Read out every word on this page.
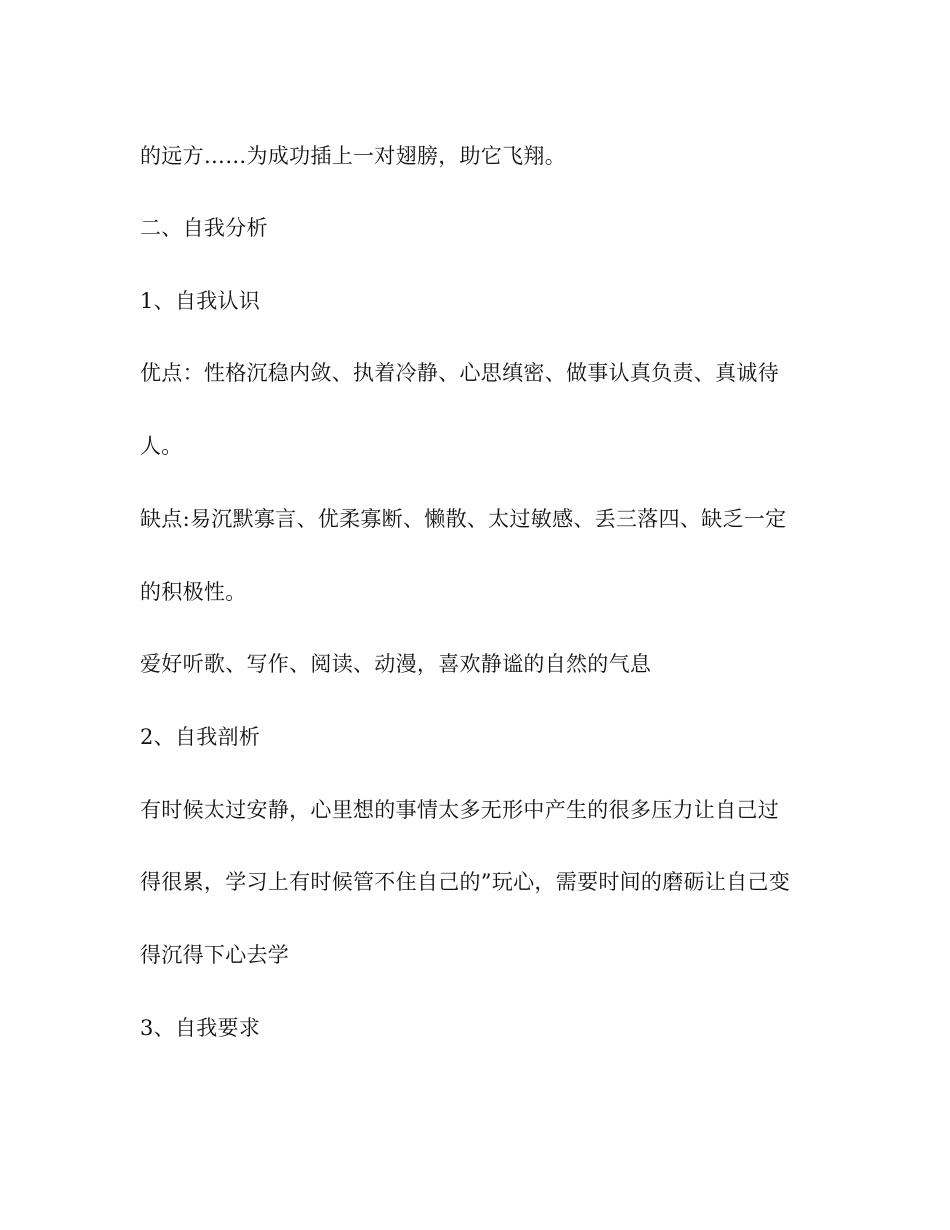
的远方……为成功插上一对翅膀，助它飞翔。
二、自我分析
1、自我认识
优点：性格沉稳内敛、执着冷静、心思缜密、做事认真负责、真诚待
人。
缺点:易沉默寡言、优柔寡断、懒散、太过敏感、丢三落四、缺乏一定
的积极性。
爱好听歌、写作、阅读、动漫，喜欢静谧的自然的气息
2、自我剖析
有时候太过安静，心里想的事情太多无形中产生的很多压力让自己过
得很累，学习上有时候管不住自己的”玩心，需要时间的磨砺让自己变
得沉得下心去学
3、自我要求
